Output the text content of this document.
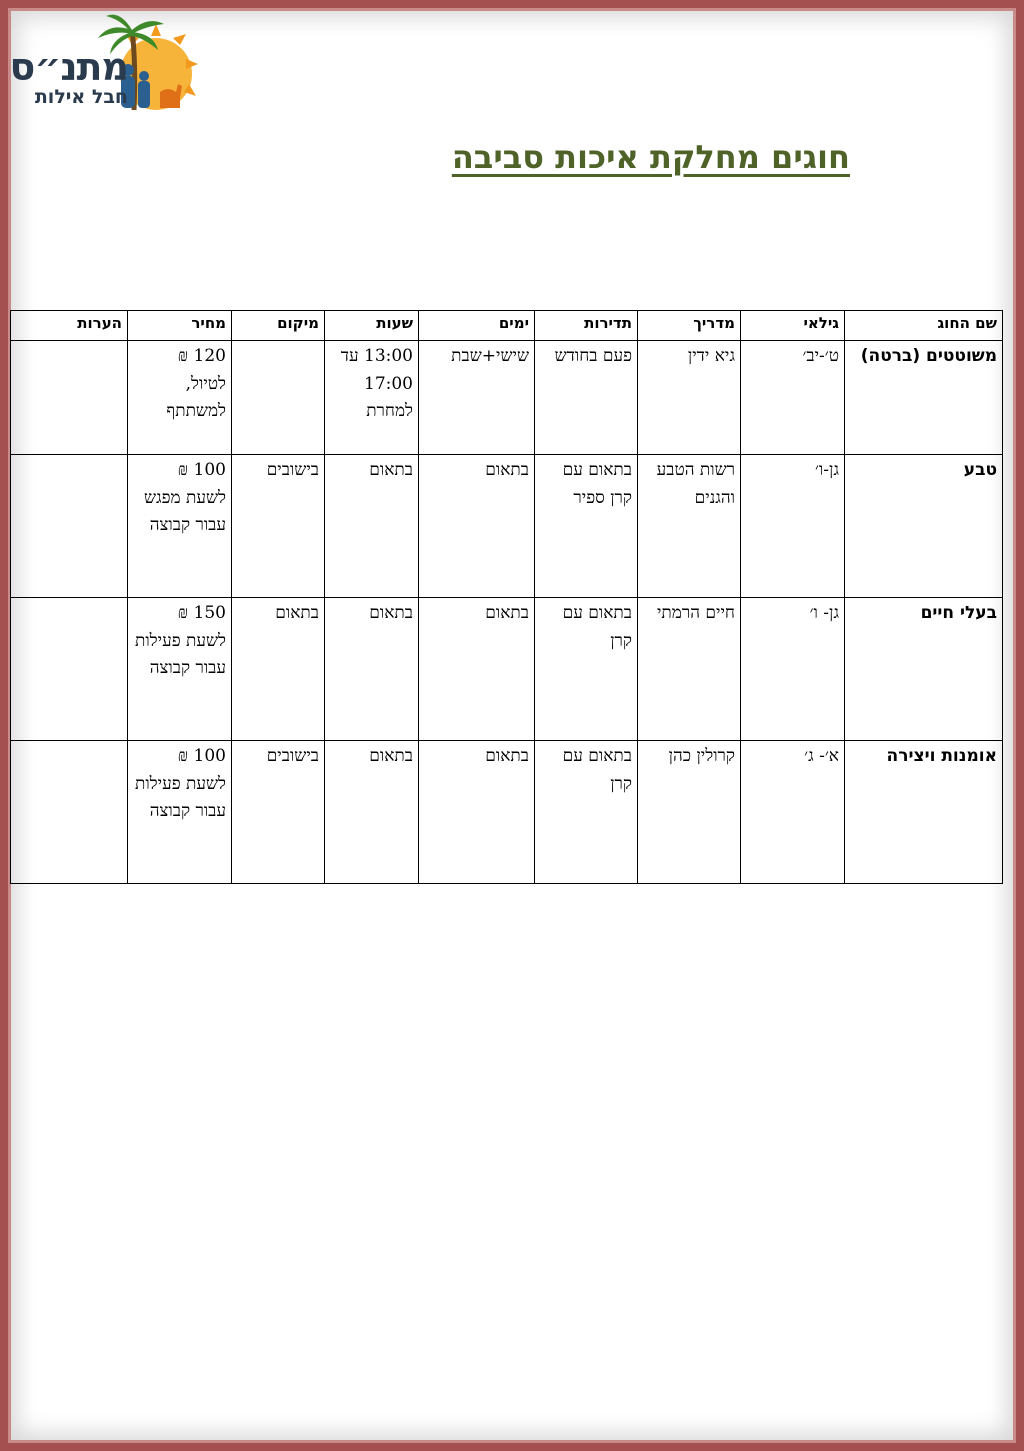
מתנ״ס
חבל אילות
חוגים מחלקת איכות סביבה
שם החוג	גילאי	מדריך	תדירות	ימים	שעות	מיקום	מחיר	הערות
משוטטים (ברטה)	ט׳-יב׳	גיא ידין	פעם בחודש	שישי+שבת	13:00 עד 17:00 למחרת		120 ₪ לטיול, למשתתף	
טבע	גן-ו׳	רשות הטבע והגנים	בתאום עם קרן ספיר	בתאום	בתאום	בישובים	100 ₪ לשעת מפגש עבור קבוצה	
בעלי חיים	גן- ו׳	חיים הרמתי	בתאום עם קרן	בתאום	בתאום	בתאום	150 ₪ לשעת פעילות עבור קבוצה	
אומנות ויצירה	א׳- ג׳	קרולין כהן	בתאום עם קרן	בתאום	בתאום	בישובים	100 ₪ לשעת פעילות עבור קבוצה	
